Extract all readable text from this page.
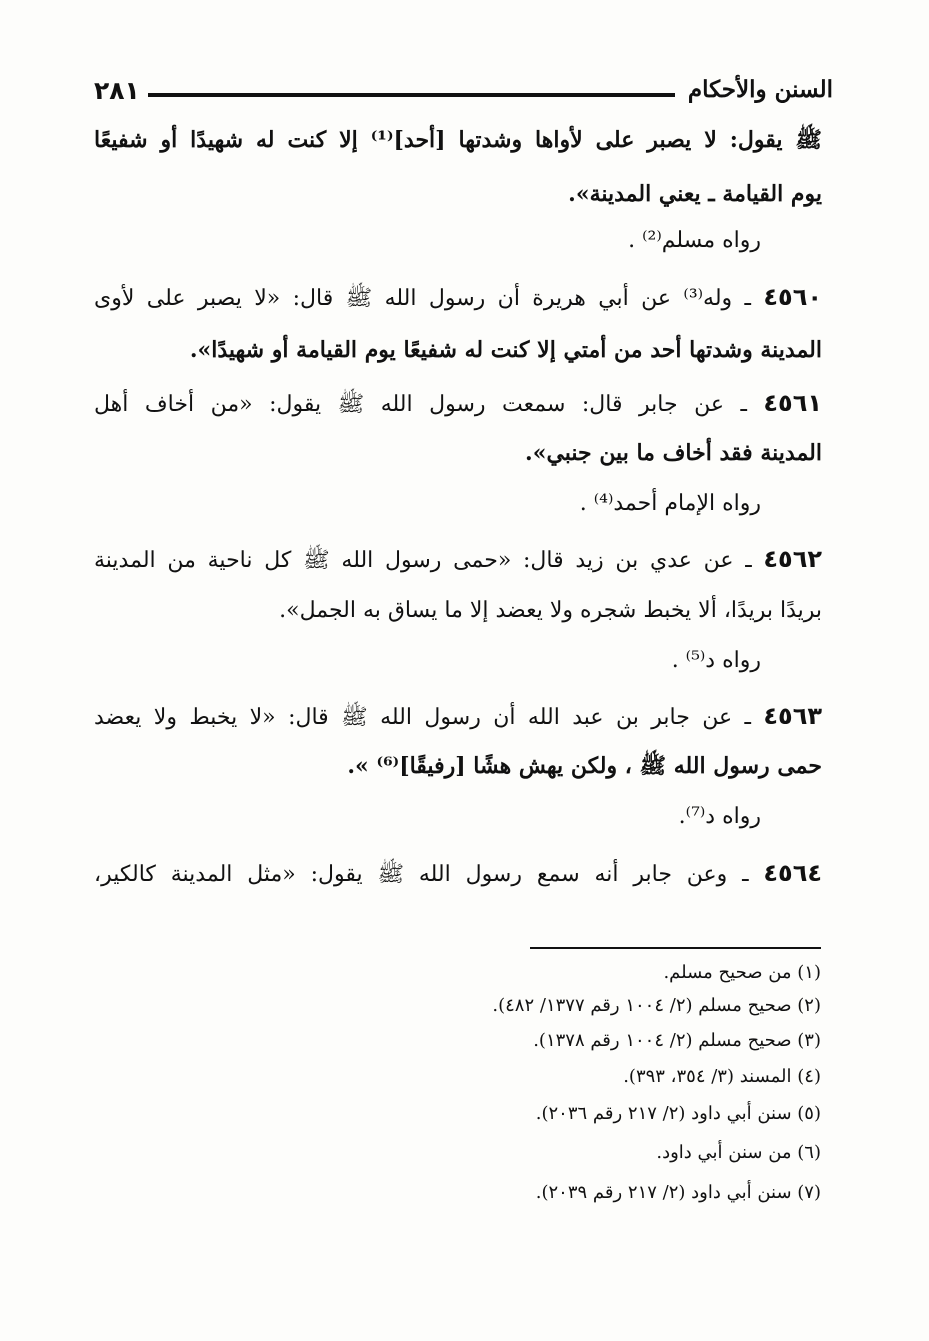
السنن والأحكام
٢٨١
ﷺ يقول: لا يصبر على لأواها وشدتها [أحد]⁽¹⁾ إلا كنت له شهيدًا أو شفيعًا
يوم القيامة ـ يعني المدينة».
رواه مسلم⁽²⁾ .
٤٥٦٠ ـ وله⁽³⁾ عن أبي هريرة أن رسول الله ﷺ قال: «لا يصبر على لأوى
المدينة وشدتها أحد من أمتي إلا كنت له شفيعًا يوم القيامة أو شهيدًا».
٤٥٦١ ـ عن جابر قال: سمعت رسول الله ﷺ يقول: «من أخاف أهل
المدينة فقد أخاف ما بين جنبي».
رواه الإمام أحمد⁽⁴⁾ .
٤٥٦٢ ـ عن عدي بن زيد قال: «حمى رسول الله ﷺ كل ناحية من المدينة
بريدًا بريدًا، ألا يخبط شجره ولا يعضد إلا ما يساق به الجمل».
رواه د⁽⁵⁾ .
٤٥٦٣ ـ عن جابر بن عبد الله أن رسول الله ﷺ قال: «لا يخبط ولا يعضد
حمى رسول الله ﷺ ، ولكن يهش هشًا [رفيقًا]⁽⁶⁾ ».
رواه د⁽⁷⁾.
٤٥٦٤ ـ وعن جابر أنه سمع رسول الله ﷺ يقول: «مثل المدينة كالكير،
(١) من صحيح مسلم.
(٢) صحيح مسلم (٢/ ١٠٠٤ رقم ١٣٧٧/ ٤٨٢).
(٣) صحيح مسلم (٢/ ١٠٠٤ رقم ١٣٧٨).
(٤) المسند (٣/ ٣٥٤، ٣٩٣).
(٥) سنن أبي داود (٢/ ٢١٧ رقم ٢٠٣٦).
(٦) من سنن أبي داود.
(٧) سنن أبي داود (٢/ ٢١٧ رقم ٢٠٣٩).
